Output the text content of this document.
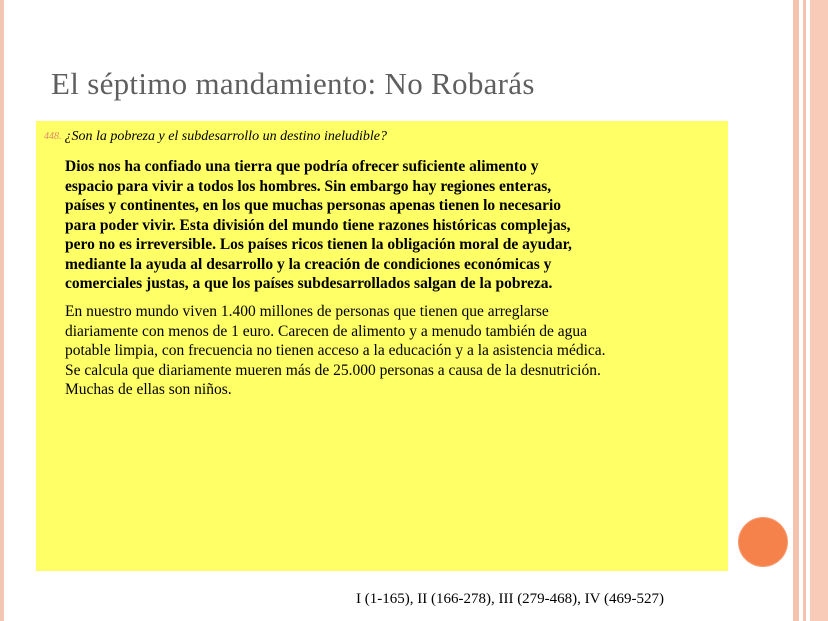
El séptimo mandamiento: No Robarás
448. ¿Son la pobreza y el subdesarrollo un destino ineludible?
Dios nos ha confiado una tierra que podría ofrecer suficiente alimento y
espacio para vivir a todos los hombres. Sin embargo hay regiones enteras,
países y continentes, en los que muchas personas apenas tienen lo necesario
para poder vivir. Esta división del mundo tiene razones históricas complejas,
pero no es irreversible. Los países ricos tienen la obligación moral de ayudar,
mediante la ayuda al desarrollo y la creación de condiciones económicas y
comerciales justas, a que los países subdesarrollados salgan de la pobreza.
En nuestro mundo viven 1.400 millones de personas que tienen que arreglarse
diariamente con menos de 1 euro. Carecen de alimento y a menudo también de agua
potable limpia, con frecuencia no tienen acceso a la educación y a la asistencia médica.
Se calcula que diariamente mueren más de 25.000 personas a causa de la desnutrición.
Muchas de ellas son niños.
I (1-165), II (166-278), III (279-468), IV (469-527)
